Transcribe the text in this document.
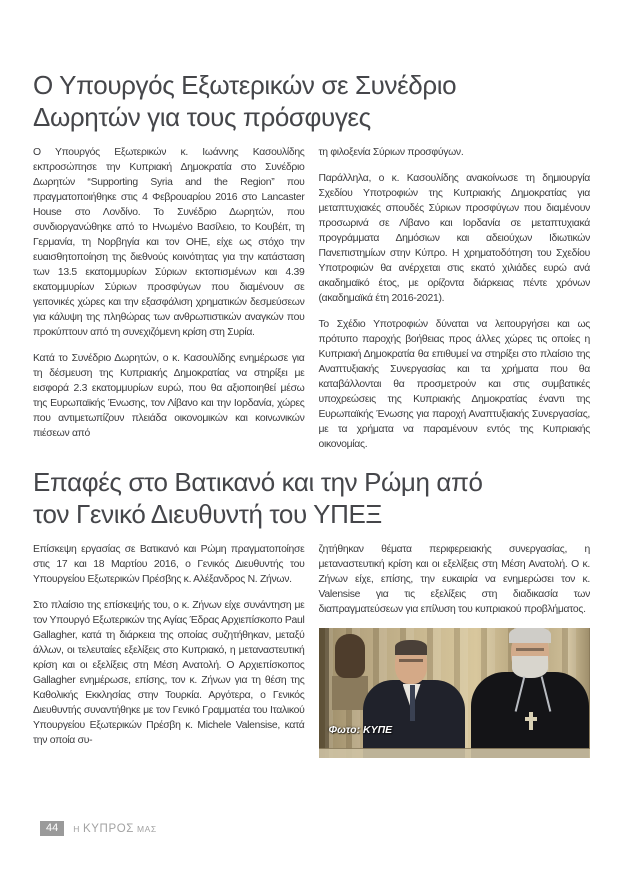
Ο Υπουργός Εξωτερικών σε Συνέδριο
Δωρητών για τους πρόσφυγες

Ο Υπουργός Εξωτερικών κ. Ιωάννης Κασουλίδης εκπροσώπησε την Κυπριακή Δημοκρατία στο Συνέδριο Δωρητών “Supporting Syria and the Region” που πραγματοποιήθηκε στις 4 Φεβρουαρίου 2016 στο Lancaster House στο Λονδίνο. Το Συνέδριο Δωρητών, που συνδιοργανώθηκε από το Ηνωμένο Βασίλειο, το Κουβέιτ, τη Γερμανία, τη Νορβηγία και τον ΟΗΕ, είχε ως στόχο την ευαισθητοποίηση της διεθνούς κοινότητας για την κατάσταση των 13.5 εκατομμυρίων Σύριων εκτοπισμένων και 4.39 εκατομμυρίων Σύριων προσφύγων που διαμένουν σε γειτονικές χώρες και την εξασφάλιση χρηματικών δεσμεύσεων για κάλυψη της πληθώρας των ανθρωπιστικών αναγκών που προκύπτουν από τη συνεχιζόμενη κρίση στη Συρία.

Κατά το Συνέδριο Δωρητών, ο κ. Κασουλίδης ενημέρωσε για τη δέσμευση της Κυπριακής Δημοκρατίας να στηρίξει με εισφορά 2.3 εκατομμυρίων ευρώ, που θα αξιοποιηθεί μέσω της Ευρωπαϊκής Ένωσης, τον Λίβανο και την Ιορδανία, χώρες που αντιμετωπίζουν πλειάδα οικονομικών και κοινωνικών πιέσεων από

τη φιλοξενία Σύριων προσφύγων.

Παράλληλα, ο κ. Κασουλίδης ανακοίνωσε τη δημιουργία Σχεδίου Υποτροφιών της Κυπριακής Δημοκρατίας για μεταπτυχιακές σπουδές Σύριων προσφύγων που διαμένουν προσωρινά σε Λίβανο και Ιορδανία σε μεταπτυχιακά προγράμματα Δημόσιων και αδειούχων Ιδιωτικών Πανεπιστημίων στην Κύπρο. Η χρηματοδότηση του Σχεδίου Υποτροφιών θα ανέρχεται στις εκατό χιλιάδες ευρώ ανά ακαδημαϊκό έτος, με ορίζοντα διάρκειας πέντε χρόνων (ακαδημαϊκά έτη 2016-2021).

Το Σχέδιο Υποτροφιών δύναται να λειτουργήσει και ως πρότυπο παροχής βοήθειας προς άλλες χώρες τις οποίες η Κυπριακή Δημοκρατία θα επιθυμεί να στηρίξει στο πλαίσιο της Αναπτυξιακής Συνεργασίας και τα χρήματα που θα καταβάλλονται θα προσμετρούν και στις συμβατικές υποχρεώσεις της Κυπριακής Δημοκρατίας έναντι της Ευρωπαϊκής Ένωσης για παροχή Αναπτυξιακής Συνεργασίας, με τα χρήματα να παραμένουν εντός της Κυπριακής οικονομίας.

Επαφές στο Βατικανό και την Ρώμη από
τον Γενικό Διευθυντή του ΥΠΕΞ

Επίσκεψη εργασίας σε Βατικανό και Ρώμη πραγματοποίησε στις 17 και 18 Μαρτίου 2016, ο Γενικός Διευθυντής του Υπουργείου Εξωτερικών Πρέσβης κ. Αλέξανδρος Ν. Ζήνων.

Στο πλαίσιο της επίσκεψής του, ο κ. Ζήνων είχε συνάντηση με τον Υπουργό Εξωτερικών της Αγίας Έδρας Αρχιεπίσκοπο Paul Gallagher, κατά τη διάρκεια της οποίας συζητήθηκαν, μεταξύ άλλων, οι τελευταίες εξελίξεις στο Κυπριακό, η μεταναστευτική κρίση και οι εξελίξεις στη Μέση Ανατολή. Ο Αρχιεπίσκοπος Gallagher ενημέρωσε, επίσης, τον κ. Ζήνων για τη θέση της Καθολικής Εκκλησίας στην Τουρκία. Αργότερα, ο Γενικός Διευθυντής συναντήθηκε με τον Γενικό Γραμματέα του Ιταλικού Υπουργείου Εξωτερικών Πρέσβη κ. Michele Valensise, κατά την οποία συ-

ζητήθηκαν θέματα περιφερειακής συνεργασίας, η μεταναστευτική κρίση και οι εξελίξεις στη Μέση Ανατολή. Ο κ. Ζήνων είχε, επίσης, την ευκαιρία να ενημερώσει τον κ. Valensise για τις εξελίξεις στη διαδικασία των διαπραγματεύσεων για επίλυση του κυπριακού προβλήματος.

Φωτο: ΚΥΠΕ
44	Η ΚΥΠΡΟΣ ΜΑΣ
